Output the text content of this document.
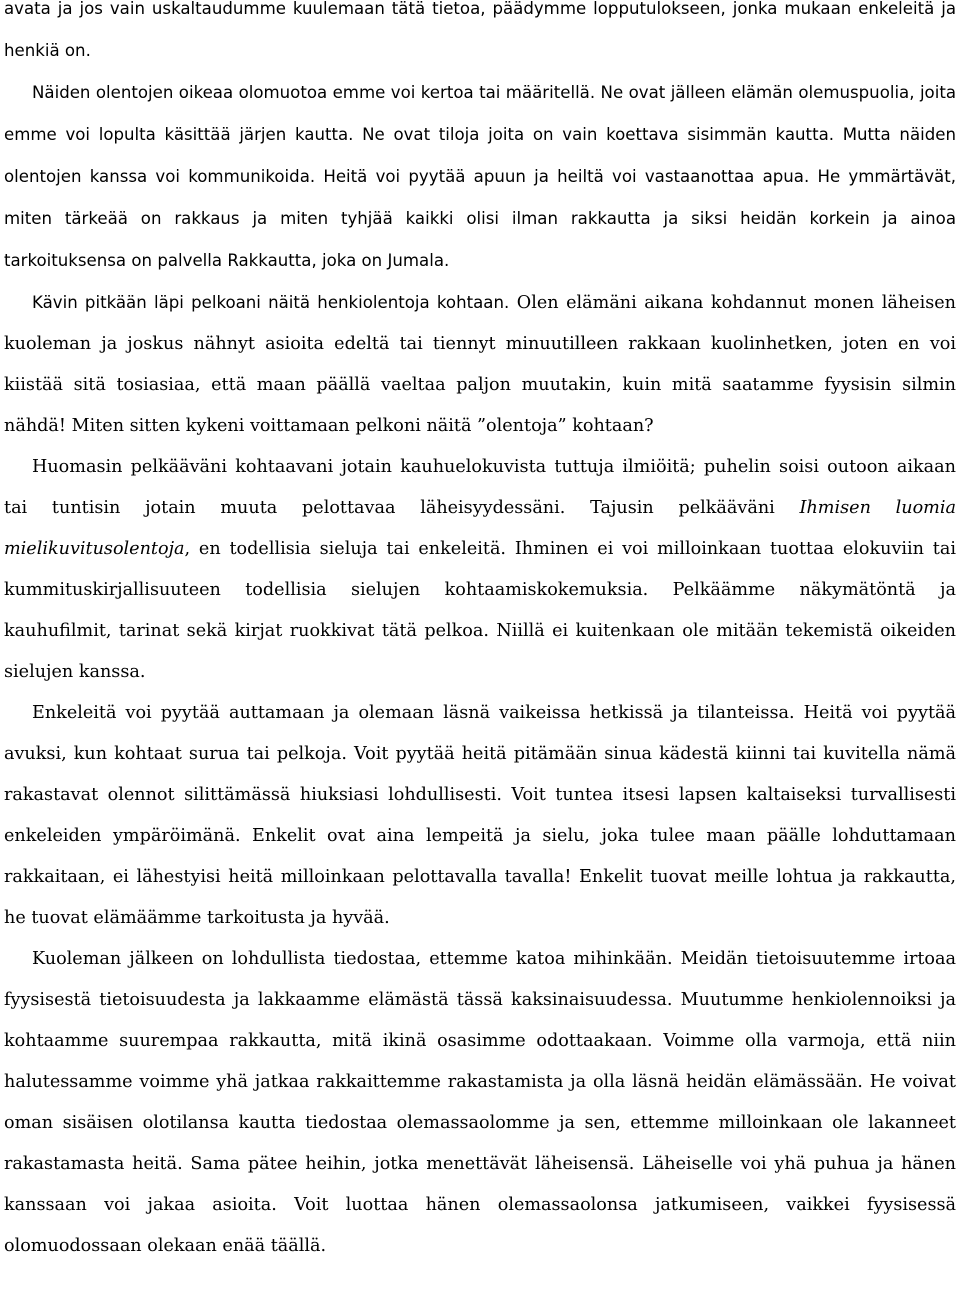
avata ja jos vain uskaltaudumme kuulemaan tätä tietoa, päädymme lopputulokseen, jonka mukaan enkeleitä ja henkiä on.

Näiden olentojen oikeaa olomuotoa emme voi kertoa tai määritellä. Ne ovat jälleen elämän olemuspuolia, joita emme voi lopulta käsittää järjen kautta. Ne ovat tiloja joita on vain koettava sisimmän kautta. Mutta näiden olentojen kanssa voi kommunikoida. Heitä voi pyytää apuun ja heiltä voi vastaanottaa apua. He ymmärtävät, miten tärkeää on rakkaus ja miten tyhjää kaikki olisi ilman rakkautta ja siksi heidän korkein ja ainoa tarkoituksensa on palvella Rakkautta, joka on Jumala.

Kävin pitkään läpi pelkoani näitä henkiolentoja kohtaan. Olen elämäni aikana kohdannut monen läheisen kuoleman ja joskus nähnyt asioita edeltä tai tiennyt minuutilleen rakkaan kuolinhetken, joten en voi kiistää sitä tosiasiaa, että maan päällä vaeltaa paljon muutakin, kuin mitä saatamme fyysisin silmin nähdä! Miten sitten kykeni voittamaan pelkoni näitä ”olentoja” kohtaan?

Huomasin pelkääväni kohtaavani jotain kauhuelokuvista tuttuja ilmiöitä; puhelin soisi outoon aikaan tai tuntisin jotain muuta pelottavaa läheisyydessäni. Tajusin pelkääväni Ihmisen luomia mielikuvitusolentoja, en todellisia sieluja tai enkeleitä. Ihminen ei voi milloinkaan tuottaa elokuviin tai kummituskirjallisuuteen todellisia sielujen kohtaamiskokemuksia. Pelkäämme näkymätöntä ja kauhufilmit, tarinat sekä kirjat ruokkivat tätä pelkoa. Niillä ei kuitenkaan ole mitään tekemistä oikeiden sielujen kanssa.

Enkeleitä voi pyytää auttamaan ja olemaan läsnä vaikeissa hetkissä ja tilanteissa. Heitä voi pyytää avuksi, kun kohtaat surua tai pelkoja. Voit pyytää heitä pitämään sinua kädestä kiinni tai kuvitella nämä rakastavat olennot silittämässä hiuksiasi lohdullisesti. Voit tuntea itsesi lapsen kaltaiseksi turvallisesti enkeleiden ympäröimänä. Enkelit ovat aina lempeitä ja sielu, joka tulee maan päälle lohduttamaan rakkaitaan, ei lähestyisi heitä milloinkaan pelottavalla tavalla! Enkelit tuovat meille lohtua ja rakkautta, he tuovat elämäämme tarkoitusta ja hyvää.

Kuoleman jälkeen on lohdullista tiedostaa, ettemme katoa mihinkään. Meidän tietoisuutemme irtoaa fyysisestä tietoisuudesta ja lakkaamme elämästä tässä kaksinaisuudessa. Muutumme henkiolennoiksi ja kohtaamme suurempaa rakkautta, mitä ikinä osasimme odottaakaan. Voimme olla varmoja, että niin halutessamme voimme yhä jatkaa rakkaittemme rakastamista ja olla läsnä heidän elämässään. He voivat oman sisäisen olotilansa kautta tiedostaa olemassaolomme ja sen, ettemme milloinkaan ole lakanneet rakastamasta heitä. Sama pätee heihin, jotka menettävät läheisensä. Läheiselle voi yhä puhua ja hänen kanssaan voi jakaa asioita. Voit luottaa hänen olemassaolonsa jatkumiseen, vaikkei fyysisessä olomuodossaan olekaan enää täällä.
